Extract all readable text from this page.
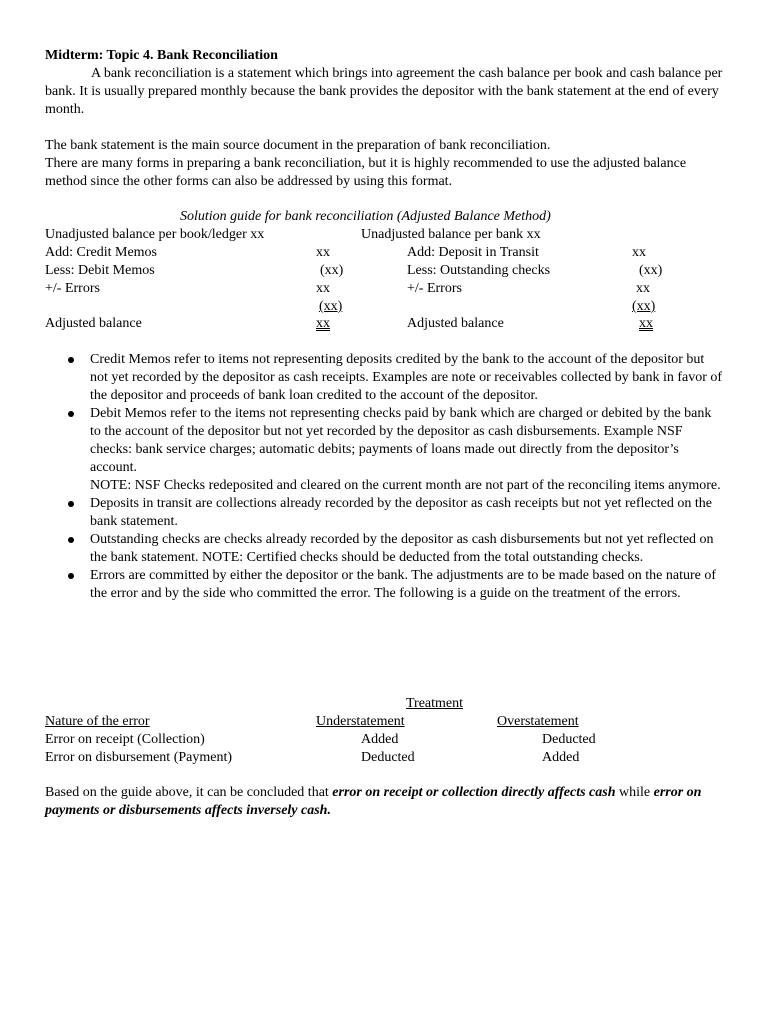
Midterm: Topic 4. Bank Reconciliation
A bank reconciliation is a statement which brings into agreement the cash balance per book and cash balance per bank. It is usually prepared monthly because the bank provides the depositor with the bank statement at the end of every month.
The bank statement is the main source document in the preparation of bank reconciliation.
There are many forms in preparing a bank reconciliation, but it is highly recommended to use the adjusted balance method since the other forms can also be addressed by using this format.
Solution guide for bank reconciliation (Adjusted Balance Method)
Unadjusted balance per book/ledger xx	Unadjusted balance per bank xx
Add: Credit Memos	xx
Less: Debit Memos	(xx)
+/- Errors	xx
(xx)
Adjusted balance	xx
Add: Deposit in Transit	xx
Less: Outstanding checks	(xx)
+/- Errors	xx
(xx)
Adjusted balance	xx
Credit Memos refer to items not representing deposits credited by the bank to the account of the depositor but not yet recorded by the depositor as cash receipts. Examples are note or receivables collected by bank in favor of the depositor and proceeds of bank loan credited to the account of the depositor.
Debit Memos refer to the items not representing checks paid by bank which are charged or debited by the bank to the account of the depositor but not yet recorded by the depositor as cash disbursements. Example NSF checks: bank service charges; automatic debits; payments of loans made out directly from the depositor’s account.
NOTE: NSF Checks redeposited and cleared on the current month are not part of the reconciling items anymore.
Deposits in transit are collections already recorded by the depositor as cash receipts but not yet reflected on the bank statement.
Outstanding checks are checks already recorded by the depositor as cash disbursements but not yet reflected on the bank statement. NOTE: Certified checks should be deducted from the total outstanding checks.
Errors are committed by either the depositor or the bank. The adjustments are to be made based on the nature of the error and by the side who committed the error. The following is a guide on the treatment of the errors.
Treatment
Nature of the error	Understatement	Overstatement
Error on receipt (Collection)	Added	Deducted
Error on disbursement (Payment)	Deducted	Added
Based on the guide above, it can be concluded that error on receipt or collection directly affects cash while error on payments or disbursements affects inversely cash.
